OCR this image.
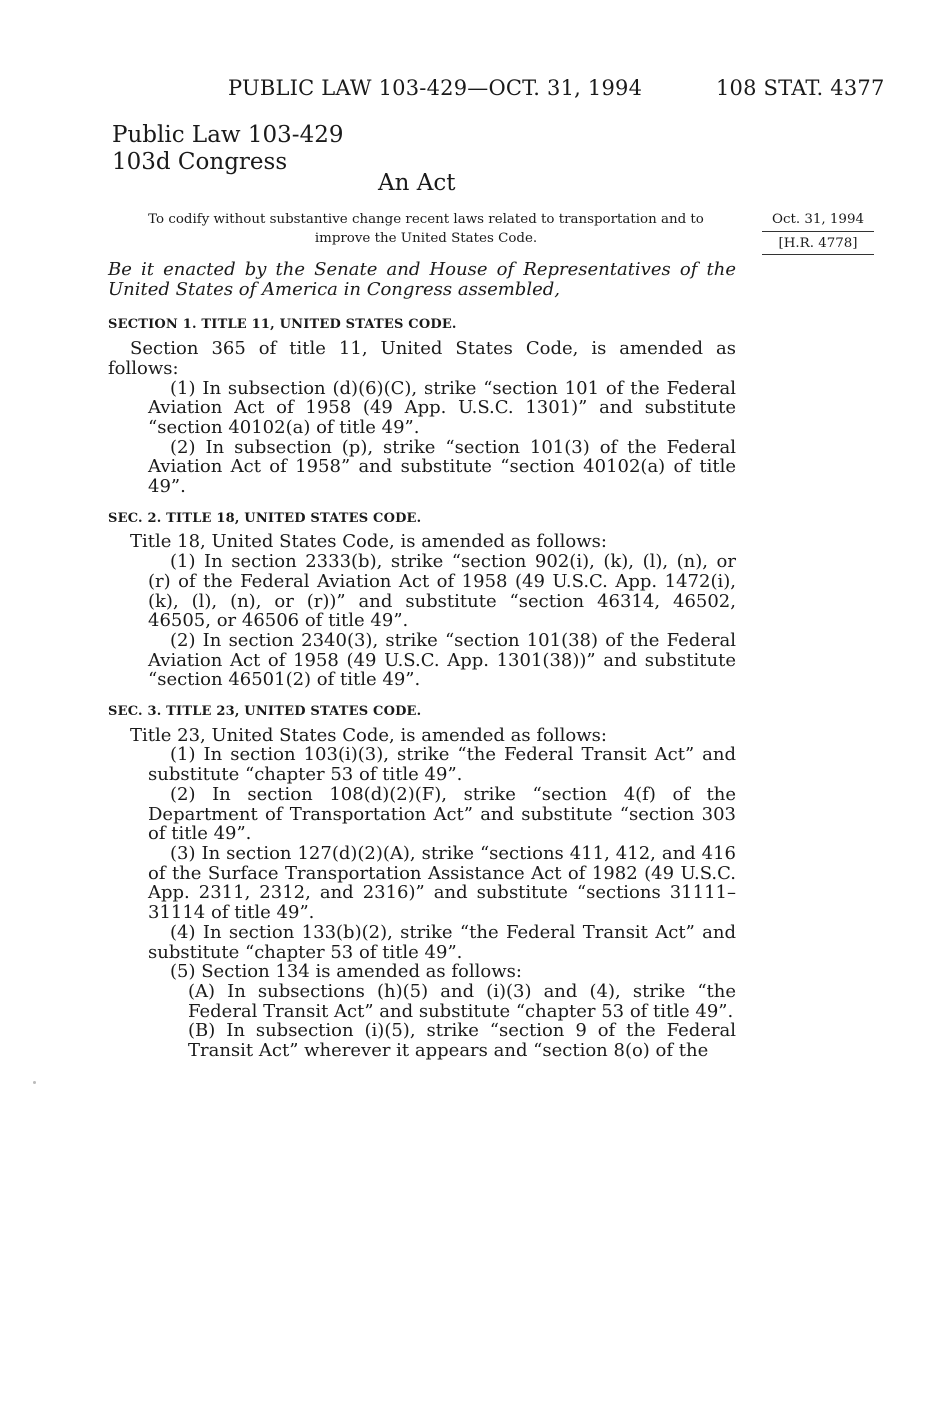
PUBLIC LAW 103-429—OCT. 31, 1994	108 STAT. 4377
Public Law 103-429
103d Congress
An Act
To codify without substantive change recent laws related to transportation and to improve the United States Code.
Oct. 31, 1994
[H.R. 4778]

Be it enacted by the Senate and House of Representatives of the United States of America in Congress assembled,

SECTION 1. TITLE 11, UNITED STATES CODE.

Section 365 of title 11, United States Code, is amended as follows:

(1) In subsection (d)(6)(C), strike “section 101 of the Federal Aviation Act of 1958 (49 App. U.S.C. 1301)” and substitute “section 40102(a) of title 49”.

(2) In subsection (p), strike “section 101(3) of the Federal Aviation Act of 1958” and substitute “section 40102(a) of title 49”.

SEC. 2. TITLE 18, UNITED STATES CODE.

Title 18, United States Code, is amended as follows:

(1) In section 2333(b), strike “section 902(i), (k), (l), (n), or (r) of the Federal Aviation Act of 1958 (49 U.S.C. App. 1472(i), (k), (l), (n), or (r))” and substitute “section 46314, 46502, 46505, or 46506 of title 49”.

(2) In section 2340(3), strike “section 101(38) of the Federal Aviation Act of 1958 (49 U.S.C. App. 1301(38))” and substitute “section 46501(2) of title 49”.

SEC. 3. TITLE 23, UNITED STATES CODE.

Title 23, United States Code, is amended as follows:

(1) In section 103(i)(3), strike “the Federal Transit Act” and substitute “chapter 53 of title 49”.

(2) In section 108(d)(2)(F), strike “section 4(f) of the Department of Transportation Act” and substitute “section 303 of title 49”.

(3) In section 127(d)(2)(A), strike “sections 411, 412, and 416 of the Surface Transportation Assistance Act of 1982 (49 U.S.C. App. 2311, 2312, and 2316)” and substitute “sections 31111–31114 of title 49”.

(4) In section 133(b)(2), strike “the Federal Transit Act” and substitute “chapter 53 of title 49”.

(5) Section 134 is amended as follows:

(A) In subsections (h)(5) and (i)(3) and (4), strike “the Federal Transit Act” and substitute “chapter 53 of title 49”.

(B) In subsection (i)(5), strike “section 9 of the Federal Transit Act” wherever it appears and “section 8(o) of the
